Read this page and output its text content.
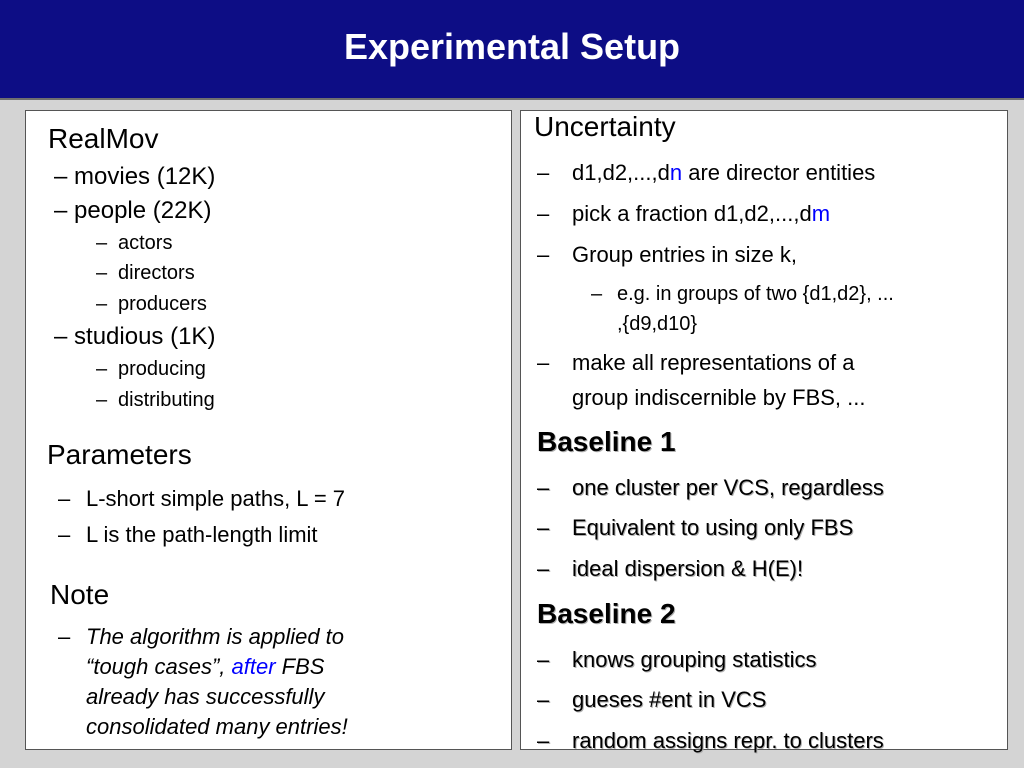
Experimental Setup
RealMov
– movies (12K)
– people (22K)
– actors
– directors
– producers
– studious (1K)
– producing
– distributing
Parameters
– L-short simple paths, L = 7
– L is the path-length limit
Note
– The algorithm is applied to
“tough cases”, after FBS
already has successfully
consolidated many entries!
Uncertainty
– d1,d2,...,dn are director entities
– pick a fraction d1,d2,...,dm
– Group entries in size k,
– e.g. in groups of two {d1,d2}, ...
,{d9,d10}
– make all representations of a
group indiscernible by FBS, ...
Baseline 1
– one cluster per VCS, regardless
– Equivalent to using only FBS
– ideal dispersion & H(E)!
Baseline 2
– knows grouping statistics
– gueses #ent in VCS
– random assigns repr. to clusters
